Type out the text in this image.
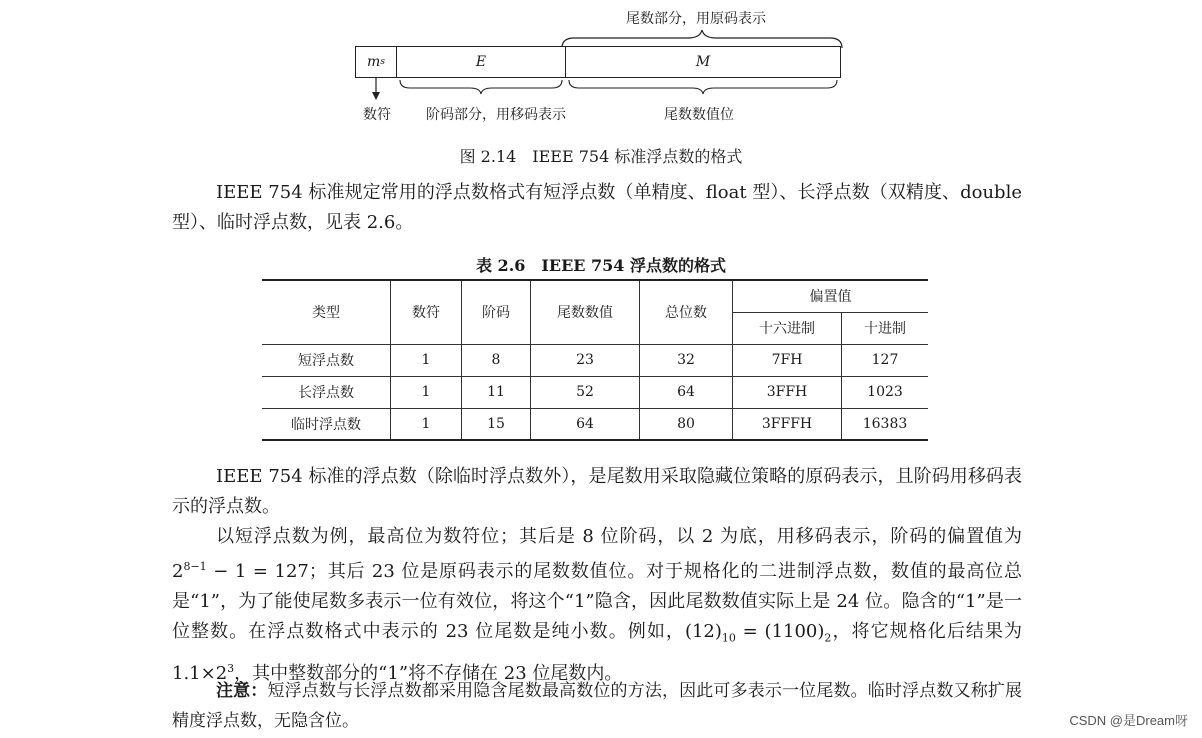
尾数部分，用原码表示
m s	E	M
数符	阶码部分，用移码表示	尾数数值位
图 2.14　IEEE 754 标准浮点数的格式
IEEE 754 标准规定常用的浮点数格式有短浮点数（单精度、float 型）、长浮点数（双精度、double 型）、临时浮点数，见表 2.6。
表 2.6　IEEE 754 浮点数的格式
类型	数符	阶码	尾数数值	总位数	偏置值	
					十六进制	十进制
短浮点数	1	8	23	32	7FH	127
长浮点数	1	11	52	64	3FFH	1023
临时浮点数	1	15	64	80	3FFFH	16383
IEEE 754 标准的浮点数（除临时浮点数外），是尾数用采取隐藏位策略的原码表示，且阶码用移码表示的浮点数。
以短浮点数为例，最高位为数符位；其后是 8 位阶码，以 2 为底，用移码表示，阶码的偏置值为 $2^{8-1} - 1 = 127$；其后 23 位是原码表示的尾数数值位。对于规格化的二进制浮点数，数值的最高位总是“1”，为了能使尾数多表示一位有效位，将这个“1”隐含，因此尾数数值实际上是 24 位。隐含的“1”是一位整数。在浮点数格式中表示的 23 位尾数是纯小数。例如，$(12)_{10} = (1100)_2$，将它规格化后结果为 $1.1\times 2^3$，其中整数部分的“1”将不存储在 23 位尾数内。
注意：短浮点数与长浮点数都采用隐含尾数最高数位的方法，因此可多表示一位尾数。临时浮点数又称扩展精度浮点数，无隐含位。	CSDN @是Dream呀
